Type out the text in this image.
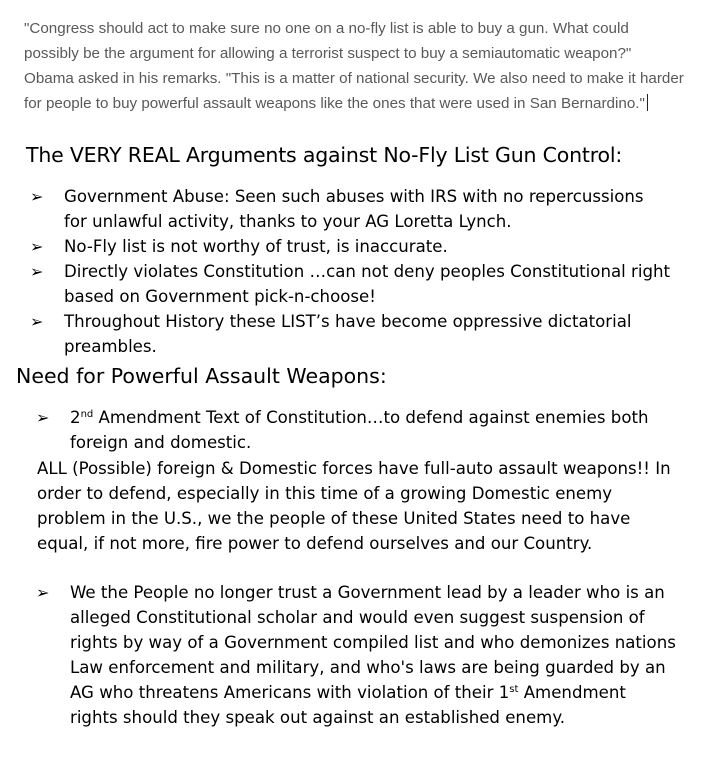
"Congress should act to make sure no one on a no-fly list is able to buy a gun. What could possibly be the argument for allowing a terrorist suspect to buy a semiautomatic weapon?" Obama asked in his remarks. "This is a matter of national security. We also need to make it harder for people to buy powerful assault weapons like the ones that were used in San Bernardino."
The VERY REAL Arguments against No-Fly List Gun Control:
➢ Government Abuse: Seen such abuses with IRS with no repercussions for unlawful activity, thanks to your AG Loretta Lynch.
➢ No-Fly list is not worthy of trust, is inaccurate.
➢ Directly violates Constitution …can not deny peoples Constitutional right based on Government pick-n-choose!
➢ Throughout History these LIST’s have become oppressive dictatorial preambles.
Need for Powerful Assault Weapons:
➢ 2nd Amendment Text of Constitution…to defend against enemies both foreign and domestic.
ALL (Possible) foreign & Domestic forces have full-auto assault weapons!! In order to defend, especially in this time of a growing Domestic enemy problem in the U.S., we the people of these United States need to have equal, if not more, fire power to defend ourselves and our Country.
➢ We the People no longer trust a Government lead by a leader who is an alleged Constitutional scholar and would even suggest suspension of rights by way of a Government compiled list and who demonizes nations Law enforcement and military, and who's laws are being guarded by an AG who threatens Americans with violation of their 1st Amendment rights should they speak out against an established enemy.
